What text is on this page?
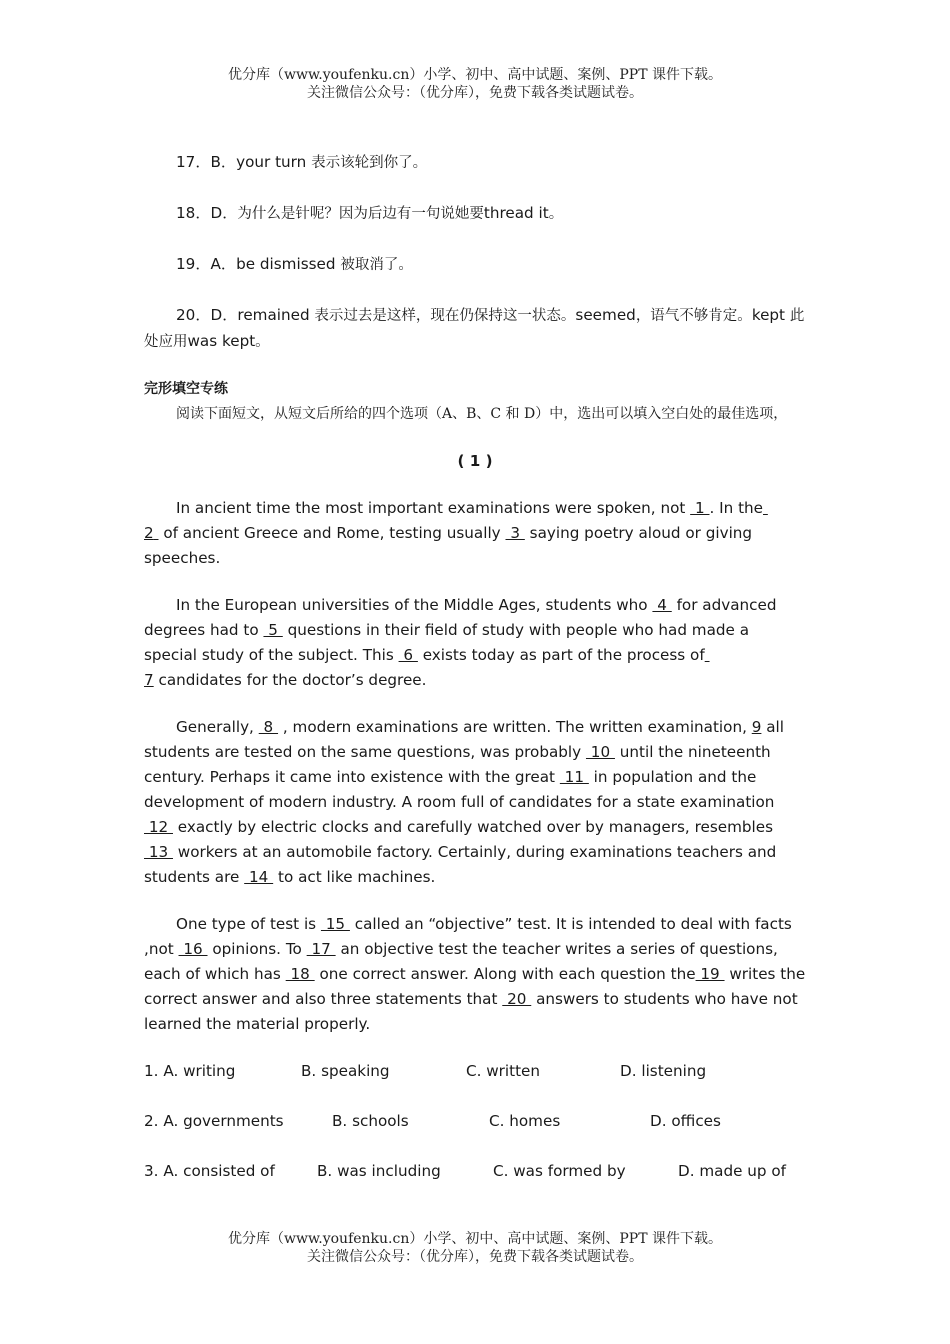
优分库（www.youfenku.cn）小学、初中、高中试题、案例、PPT 课件下载。
关注微信公众号：（优分库），免费下载各类试题试卷。

17．B．your turn 表示该轮到你了。

18．D．为什么是针呢？因为后边有一句说她要thread it。

19．A．be dismissed 被取消了。

20．D．remained 表示过去是这样，现在仍保持这一状态。seemed，语气不够肯定。kept 此处应用was kept。

完形填空专练

阅读下面短文，从短文后所给的四个选项（A、B、C 和 D）中，选出可以填入空白处的最佳选项，

( 1 )

In ancient time the most important examinations were spoken, not  1 . In the
2  of ancient Greece and Rome, testing usually  3  saying poetry aloud or giving speeches.

In the European universities of the Middle Ages, students who  4  for advanced degrees had to  5  questions in their field of study with people who had made a special study of the subject. This  6  exists today as part of the process of
7 candidates for the doctor’s degree.

Generally,  8  , modern examinations are written. The written examination, 9 all students are tested on the same questions, was probably  10  until the nineteenth century. Perhaps it came into existence with the great  11  in population and the development of modern industry. A room full of candidates for a state examination  12  exactly by electric clocks and carefully watched over by managers, resembles  13  workers at an automobile factory. Certainly, during examinations teachers and students are  14  to act like machines.

One type of test is  15  called an “objective” test. It is intended to deal with facts ,not  16  opinions. To  17  an objective test the teacher writes a series of questions, each of which has  18  one correct answer. Along with each question the 19  writes the correct answer and also three statements that  20  answers to students who have not learned the material properly.

1. A. writing	B. speaking	C. written	D. listening
2. A. governments	B. schools	C. homes	D. offices
3. A. consisted of	B. was including	C. was formed by	D. made up of
优分库（www.youfenku.cn）小学、初中、高中试题、案例、PPT 课件下载。
关注微信公众号：（优分库），免费下载各类试题试卷。
